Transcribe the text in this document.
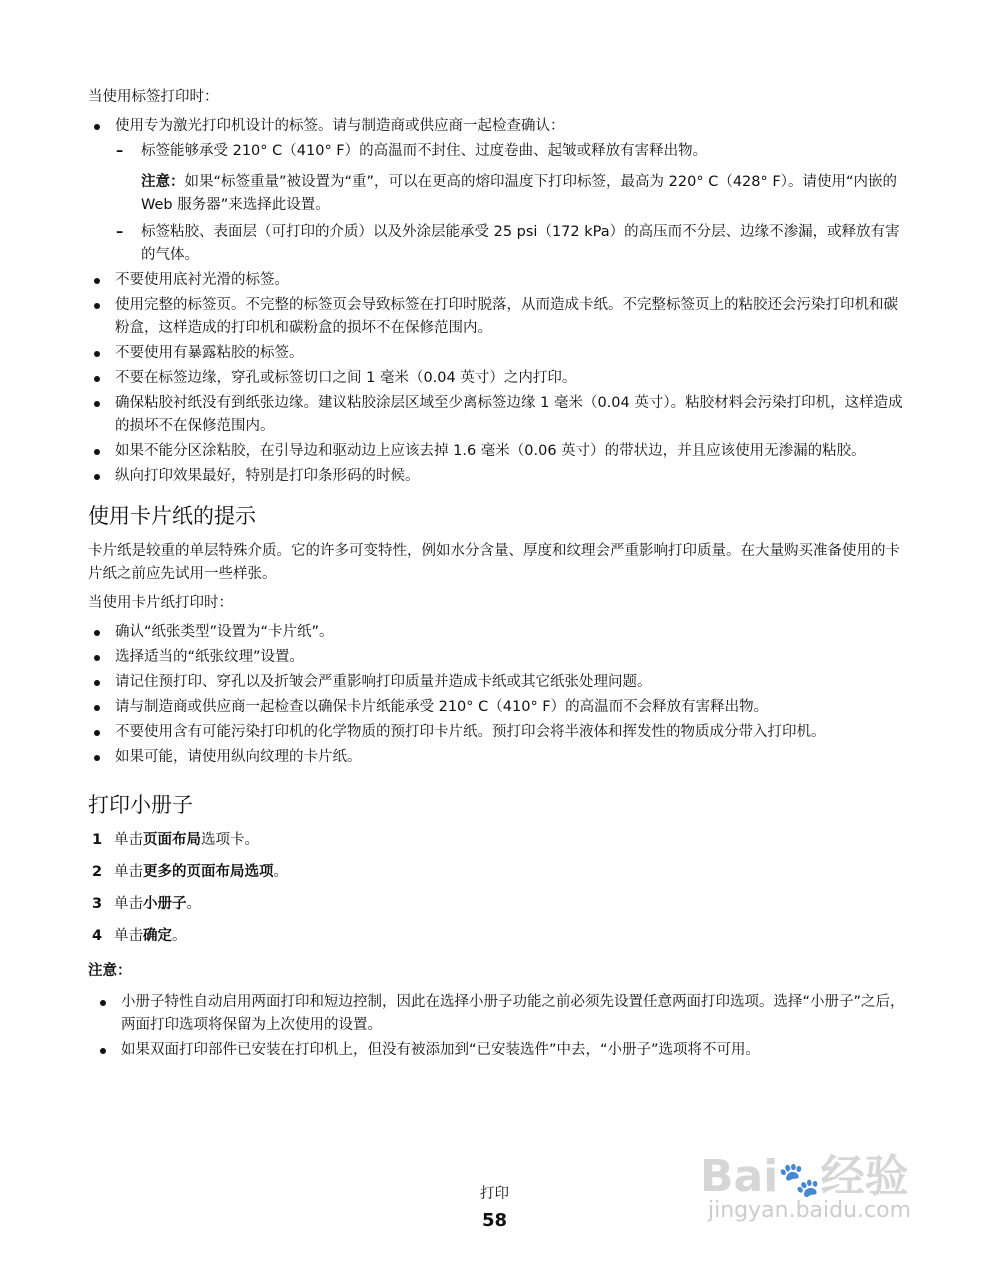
当使用标签打印时：

使用专为激光打印机设计的标签。请与制造商或供应商一起检查确认：
– 标签能够承受 210° C（410° F）的高温而不封住、过度卷曲、起皱或释放有害释出物。
注意：如果“标签重量”被设置为“重”，可以在更高的熔印温度下打印标签，最高为 220° C（428° F）。请使用“内嵌的 Web 服务器”来选择此设置。
– 标签粘胶、表面层（可打印的介质）以及外涂层能承受 25 psi（172 kPa）的高压而不分层、边缘不渗漏，或释放有害的气体。
不要使用底衬光滑的标签。
使用完整的标签页。不完整的标签页会导致标签在打印时脱落，从而造成卡纸。不完整标签页上的粘胶还会污染打印机和碳粉盒，这样造成的打印机和碳粉盒的损坏不在保修范围内。
不要使用有暴露粘胶的标签。
不要在标签边缘，穿孔或标签切口之间 1 毫米（0.04 英寸）之内打印。
确保粘胶衬纸没有到纸张边缘。建议粘胶涂层区域至少离标签边缘 1 毫米（0.04 英寸）。粘胶材料会污染打印机，这样造成的损坏不在保修范围内。
如果不能分区涂粘胶，在引导边和驱动边上应该去掉 1.6 毫米（0.06 英寸）的带状边，并且应该使用无渗漏的粘胶。
纵向打印效果最好，特别是打印条形码的时候。
使用卡片纸的提示

卡片纸是较重的单层特殊介质。它的许多可变特性，例如水分含量、厚度和纹理会严重影响打印质量。在大量购买准备使用的卡片纸之前应先试用一些样张。

当使用卡片纸打印时：

确认“纸张类型”设置为“卡片纸”。
选择适当的“纸张纹理”设置。
请记住预打印、穿孔以及折皱会严重影响打印质量并造成卡纸或其它纸张处理问题。
请与制造商或供应商一起检查以确保卡片纸能承受 210° C（410° F）的高温而不会释放有害释出物。
不要使用含有可能污染打印机的化学物质的预打印卡片纸。预打印会将半液体和挥发性的物质成分带入打印机。
如果可能，请使用纵向纹理的卡片纸。
打印小册子
1 单击页面布局选项卡。
2 单击更多的页面布局选项。
3 单击小册子。
4 单击确定。

注意：

小册子特性自动启用两面打印和短边控制，因此在选择小册子功能之前必须先设置任意两面打印选项。选择“小册子”之后，两面打印选项将保留为上次使用的设置。
如果双面打印部件已安装在打印机上，但没有被添加到“已安装选件”中去，“小册子”选项将不可用。
打印
58
Bai🐾经验
jingyan.baidu.com
